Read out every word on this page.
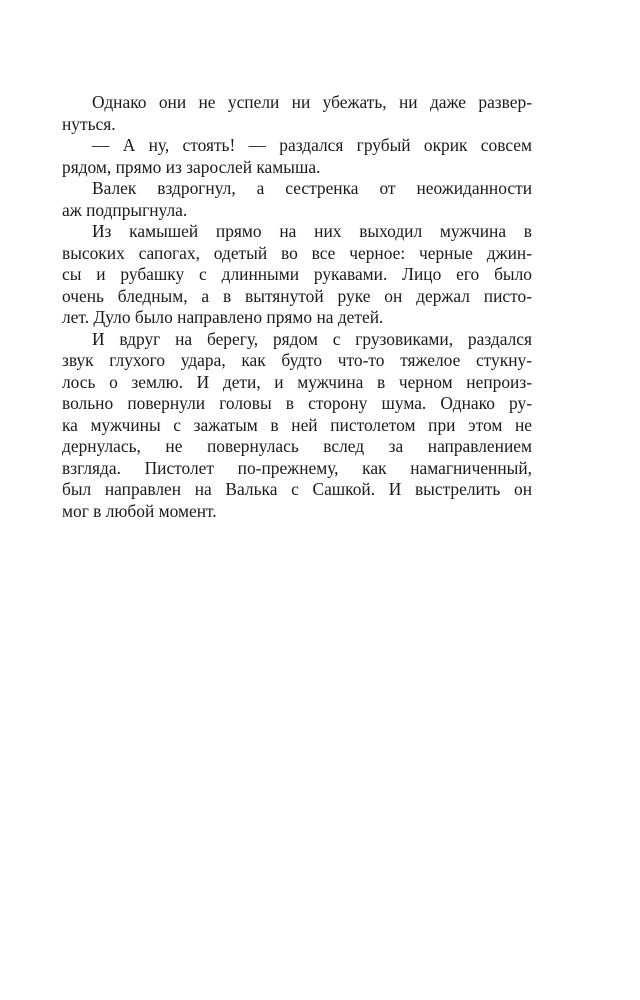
Однако они не успели ни убежать, ни даже развер-
нуться.
— А ну, стоять! — раздался грубый окрик совсем
рядом, прямо из зарослей камыша.
Валек вздрогнул, а сестренка от неожиданности
аж подпрыгнула.
Из камышей прямо на них выходил мужчина в
высоких сапогах, одетый во все черное: черные джин-
сы и рубашку с длинными рукавами. Лицо его было
очень бледным, а в вытянутой руке он держал писто-
лет. Дуло было направлено прямо на детей.
И вдруг на берегу, рядом с грузовиками, раздался
звук глухого удара, как будто что-то тяжелое стукну-
лось о землю. И дети, и мужчина в черном непроиз-
вольно повернули головы в сторону шума. Однако ру-
ка мужчины с зажатым в ней пистолетом при этом не
дернулась, не повернулась вслед за направлением
взгляда. Пистолет по-прежнему, как намагниченный,
был направлен на Валька с Сашкой. И выстрелить он
мог в любой момент.
